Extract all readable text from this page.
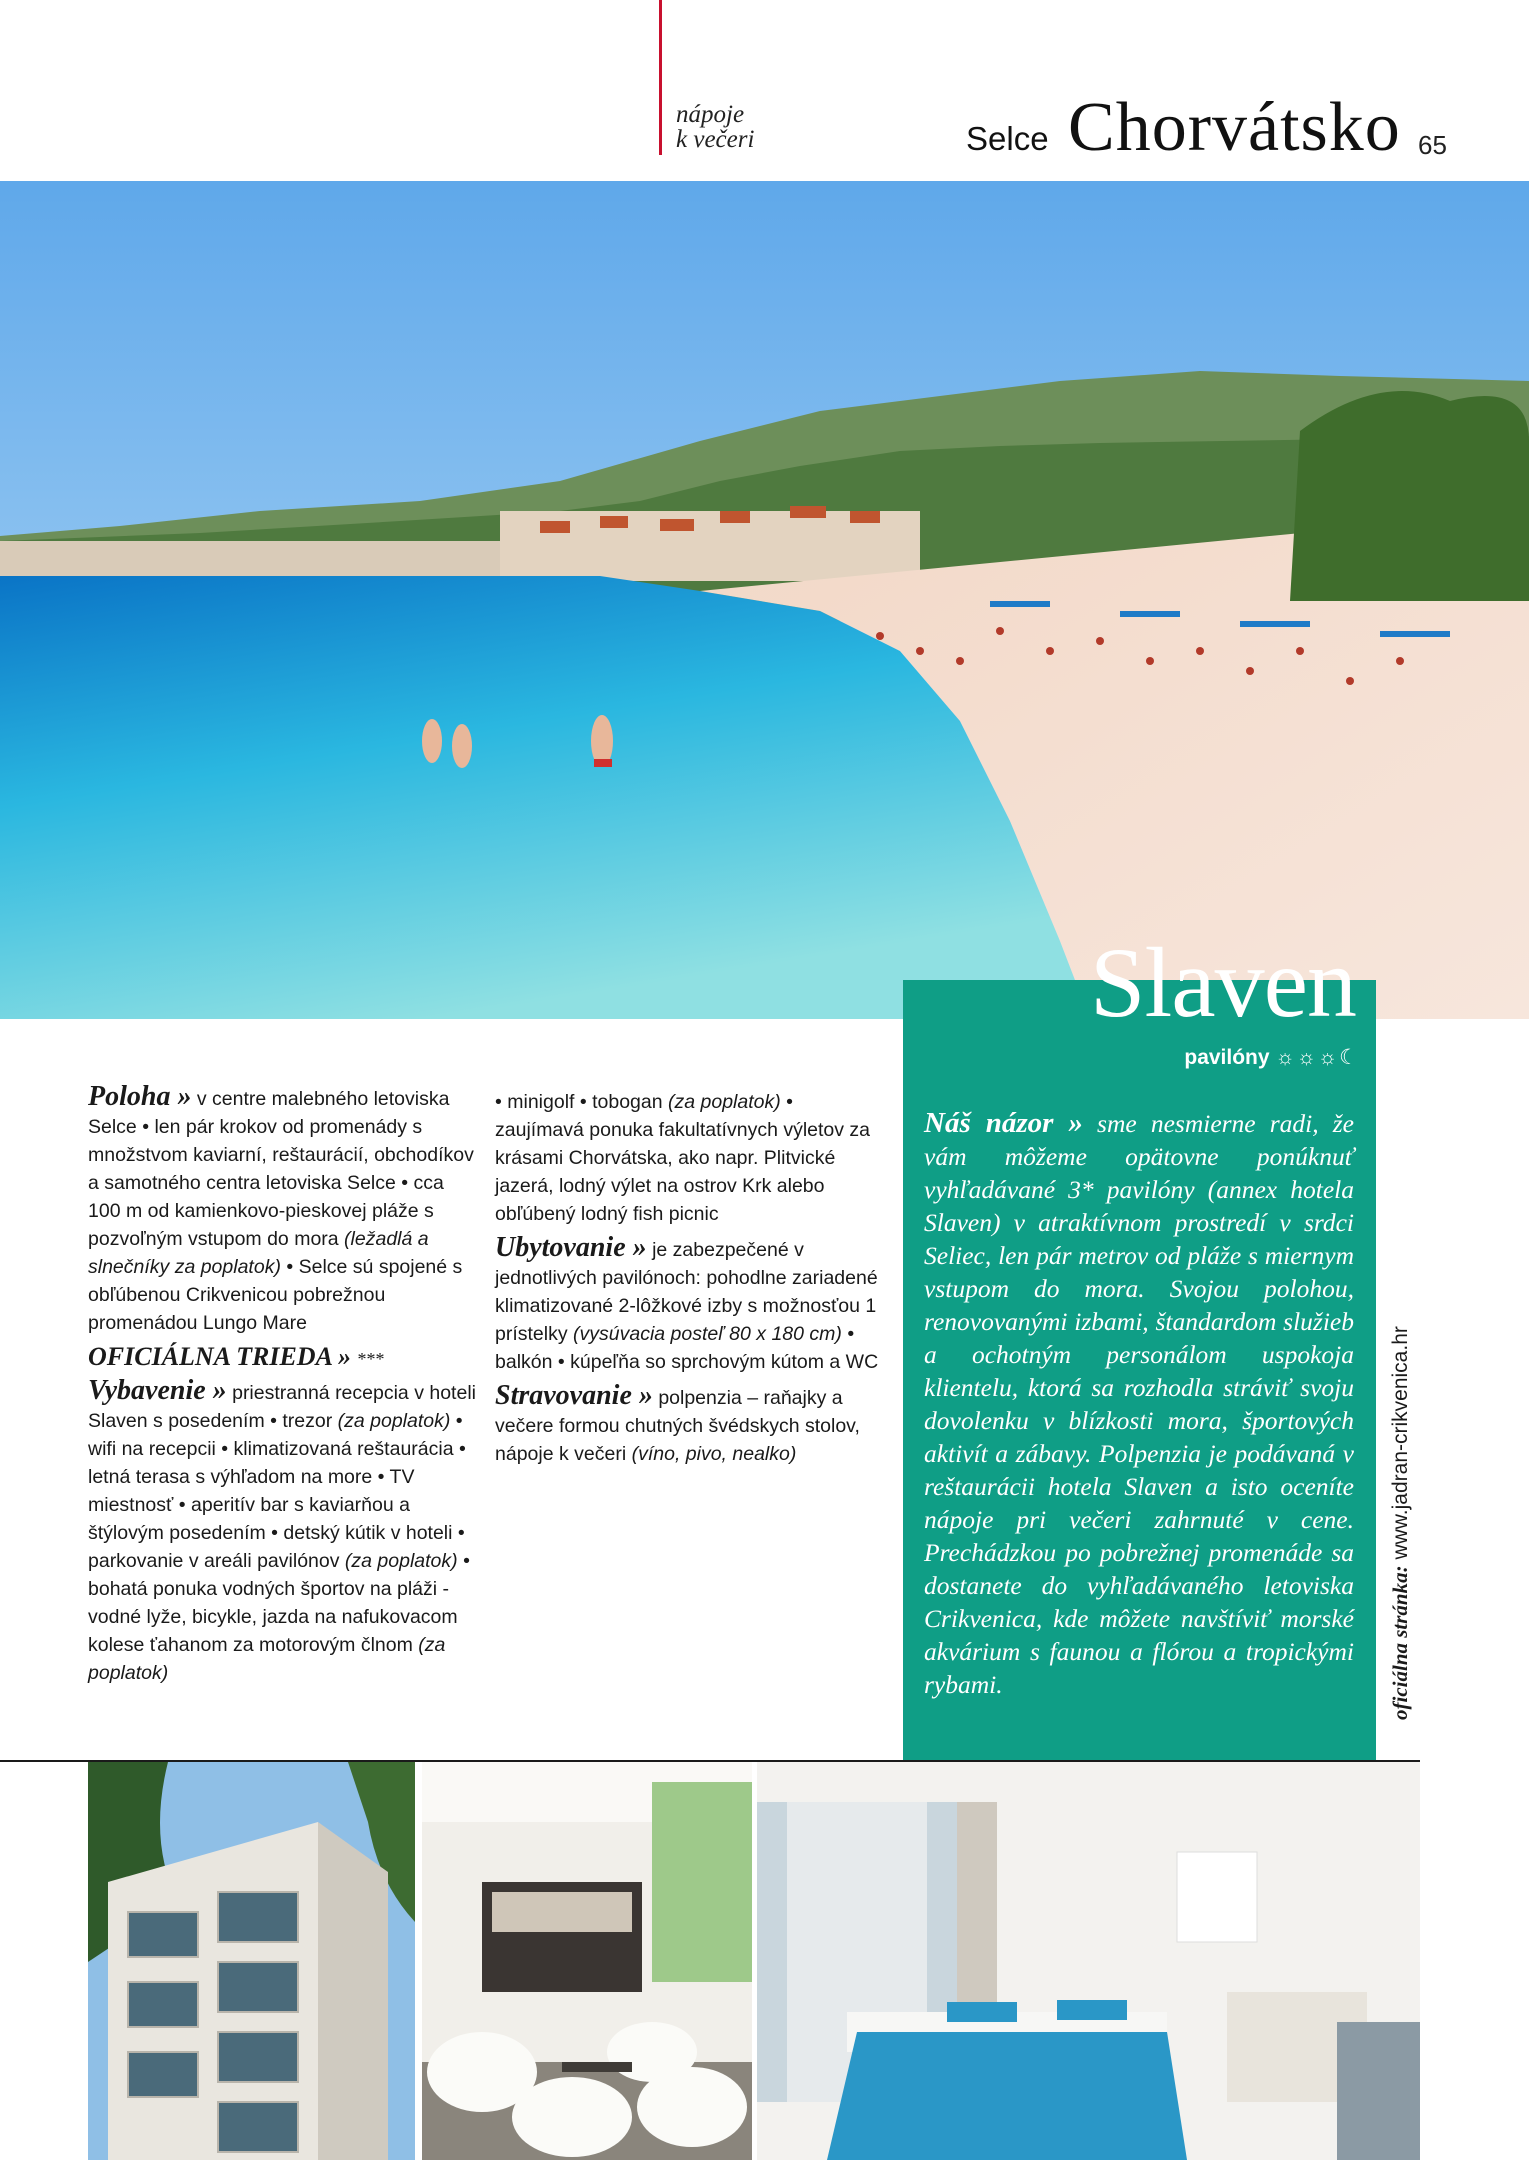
nápoje
k večeri	Selce Chorvátsko 65
Slaven
pavilóny ☼☼☼☾
Náš názor » sme nesmierne radi, že vám môžeme opätovne ponúknuť vyhľadávané 3* pavilóny (annex hotela Slaven) v atraktívnom prostredí v srdci Seliec, len pár metrov od pláže s miernym vstupom do mora. Svojou polohou, renovovanými izbami, štandardom služieb a ochotným personálom uspokoja klientelu, ktorá sa rozhodla stráviť svoju dovolenku v blízkosti mora, športových aktivít a zábavy. Polpenzia je podávaná v reštaurácii hotela Slaven a isto oceníte nápoje pri večeri zahrnuté v cene. Prechádzkou po pobrežnej promenáde sa dostanete do vyhľadávaného letoviska Crikvenica, kde môžete navštíviť morské akvárium s faunou a flórou a tropickými rybami.

Poloha » v centre malebného letoviska Selce • len pár krokov od promenády s množstvom kaviarní, reštaurácií, obchodíkov a samotného centra letoviska Selce • cca 100 m od kamienkovo-pieskovej pláže s pozvoľným vstupom do mora (ležadlá a slnečníky za poplatok) • Selce sú spojené s obľúbenou Crikvenicou pobrežnou promenádou Lungo Mare

OFICIÁLNA TRIEDA » ***

Vybavenie » priestranná recepcia v hoteli Slaven s posedením • trezor (za poplatok) • wifi na recepcii • klimatizovaná reštaurácia • letná terasa s výhľadom na more • TV miestnosť • aperitív bar s kaviarňou a štýlovým posedením • detský kútik v hoteli • parkovanie v areáli pavilónov (za poplatok) • bohatá ponuka vodných športov na pláži - vodné lyže, bicykle, jazda na nafukovacom kolese ťahanom za motorovým člnom (za poplatok)

• minigolf • tobogan (za poplatok) • zaujímavá ponuka fakultatívnych výletov za krásami Chorvátska, ako napr. Plitvické jazerá, lodný výlet na ostrov Krk alebo obľúbený lodný fish picnic

Ubytovanie » je zabezpečené v jednotlivých pavilónoch: pohodlne zariadené klimatizované 2-lôžkové izby s možnosťou 1 prístelky (vysúvacia posteľ 80 x 180 cm) • balkón • kúpeľňa so sprchovým kútom a WC

Stravovanie » polpenzia – raňajky a večere formou chutných švédskych stolov, nápoje k večeri (víno, pivo, nealko)

oficiálna stránka: www.jadran-crikvenica.hr
